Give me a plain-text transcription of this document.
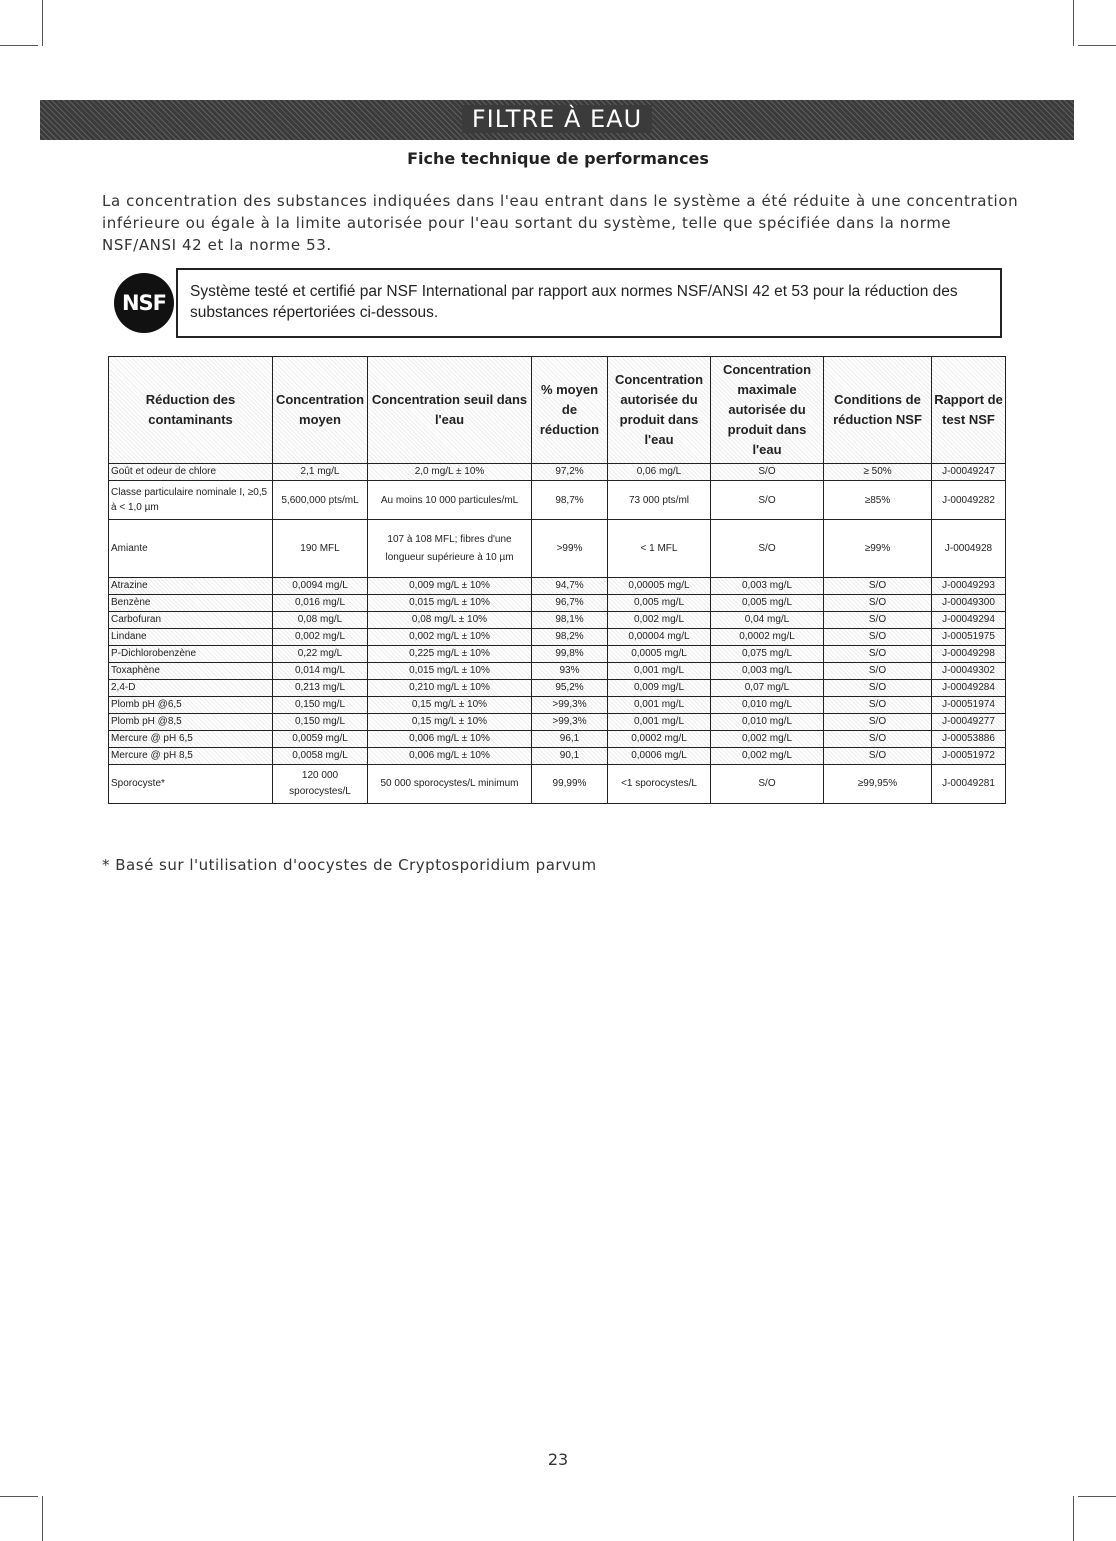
FILTRE À EAU
Fiche technique de performances
La concentration des substances indiquées dans l'eau entrant dans le système a été réduite à une concentration inférieure ou égale à la limite autorisée pour l'eau sortant du système, telle que spécifiée dans la norme NSF/ANSI 42 et la norme 53.
NSF	Système testé et certifié par NSF International par rapport aux normes NSF/ANSI 42 et 53 pour la réduction des substances répertoriées ci-dessous.
Réduction des contaminants	Concentration moyen	Concentration seuil dans l'eau	% moyen de réduction	Concentration autorisée du produit dans l'eau	Concentration maximale autorisée du produit dans l'eau	Conditions de réduction NSF	Rapport de test NSF
Goût et odeur de chlore	2,1 mg/L	2,0 mg/L ± 10%	97,2%	0,06 mg/L	S/O	≥ 50%	J-00049247
Classe particulaire nominale I, ≥0,5 à < 1,0 µm	5,600,000 pts/mL	Au moins 10 000 particules/mL	98,7%	73 000 pts/ml	S/O	≥85%	J-00049282
Amiante	190 MFL	107 à 108 MFL; fibres d'une longueur supérieure à 10 µm	>99%	< 1 MFL	S/O	≥99%	J-0004928
Atrazine	0,0094 mg/L	0,009 mg/L ± 10%	94,7%	0,00005 mg/L	0,003 mg/L	S/O	J-00049293
Benzène	0,016 mg/L	0,015 mg/L ± 10%	96,7%	0,005 mg/L	0,005 mg/L	S/O	J-00049300
Carbofuran	0,08 mg/L	0,08 mg/L ± 10%	98,1%	0,002 mg/L	0,04 mg/L	S/O	J-00049294
Lindane	0,002 mg/L	0,002 mg/L ± 10%	98,2%	0,00004 mg/L	0,0002 mg/L	S/O	J-00051975
P-Dichlorobenzène	0,22 mg/L	0,225 mg/L ± 10%	99,8%	0,0005 mg/L	0,075 mg/L	S/O	J-00049298
Toxaphène	0,014 mg/L	0,015 mg/L ± 10%	93%	0,001 mg/L	0,003 mg/L	S/O	J-00049302
2,4-D	0,213 mg/L	0,210 mg/L ± 10%	95,2%	0,009 mg/L	0,07 mg/L	S/O	J-00049284
Plomb pH @6,5	0,150 mg/L	0,15 mg/L ± 10%	>99,3%	0,001 mg/L	0,010 mg/L	S/O	J-00051974
Plomb pH @8,5	0,150 mg/L	0,15 mg/L ± 10%	>99,3%	0,001 mg/L	0,010 mg/L	S/O	J-00049277
Mercure @ pH 6,5	0,0059 mg/L	0,006 mg/L ± 10%	96,1	0,0002 mg/L	0,002 mg/L	S/O	J-00053886
Mercure @ pH 8,5	0,0058 mg/L	0,006 mg/L ± 10%	90,1	0,0006 mg/L	0,002 mg/L	S/O	J-00051972
Sporocyste*	120 000 sporocystes/L	50 000 sporocystes/L minimum	99,99%	<1 sporocystes/L	S/O	≥99,95%	J-00049281
* Basé sur l'utilisation d'oocystes de Cryptosporidium parvum
23
